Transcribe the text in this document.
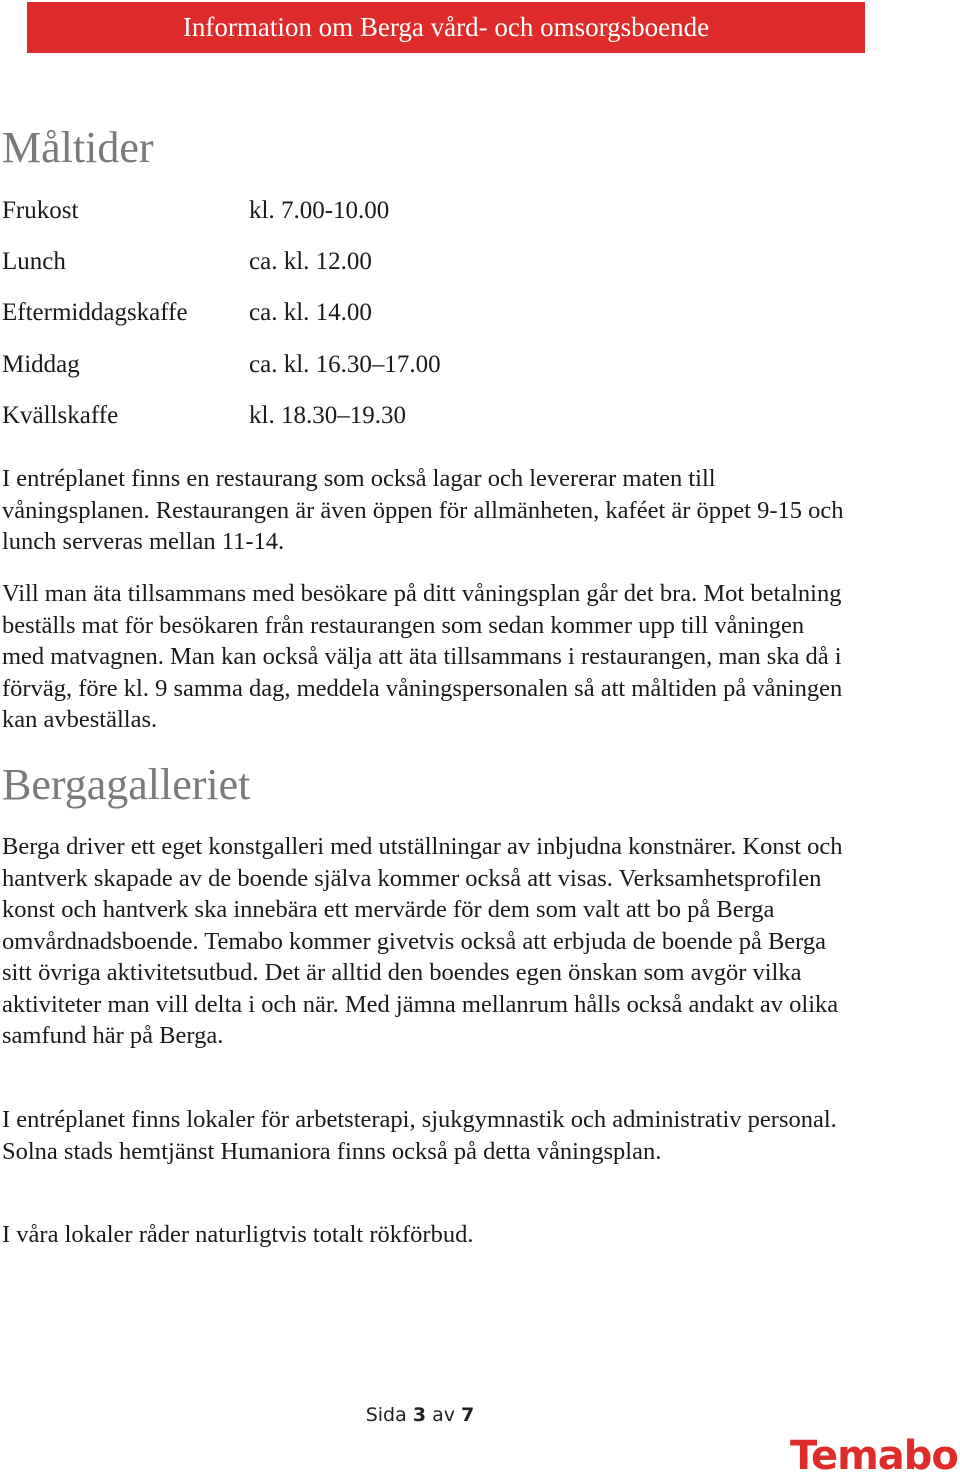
Information om Berga vård- och omsorgsboende
Måltider
Frukost	kl. 7.00-10.00
Lunch	ca. kl. 12.00
Eftermiddagskaffe ca. kl. 14.00
Middag	ca. kl. 16.30–17.00
Kvällskaffe	kl. 18.30–19.30

I entréplanet finns en restaurang som också lagar och levererar maten till våningsplanen. Restaurangen är även öppen för allmänheten, kaféet är öppet 9-15 och lunch serveras mellan 11-14.

Vill man äta tillsammans med besökare på ditt våningsplan går det bra. Mot betalning beställs mat för besökaren från restaurangen som sedan kommer upp till våningen med matvagnen. Man kan också välja att äta tillsammans i restaurangen, man ska då i förväg, före kl. 9 samma dag, meddela våningspersonalen så att måltiden på våningen kan avbeställas.

Bergagalleriet

Berga driver ett eget konstgalleri med utställningar av inbjudna konstnärer. Konst och hantverk skapade av de boende själva kommer också att visas. Verksamhetsprofilen konst och hantverk ska innebära ett mervärde för dem som valt att bo på Berga omvårdnadsboende. Temabo kommer givetvis också att erbjuda de boende på Berga sitt övriga aktivitetsutbud. Det är alltid den boendes egen önskan som avgör vilka aktiviteter man vill delta i och när. Med jämna mellanrum hålls också andakt av olika samfund här på Berga.

I entréplanet finns lokaler för arbetsterapi, sjukgymnastik och administrativ personal. Solna stads hemtjänst Humaniora finns också på detta våningsplan.

I våra lokaler råder naturligtvis totalt rökförbud.

Sida 3 av 7
Temabo
